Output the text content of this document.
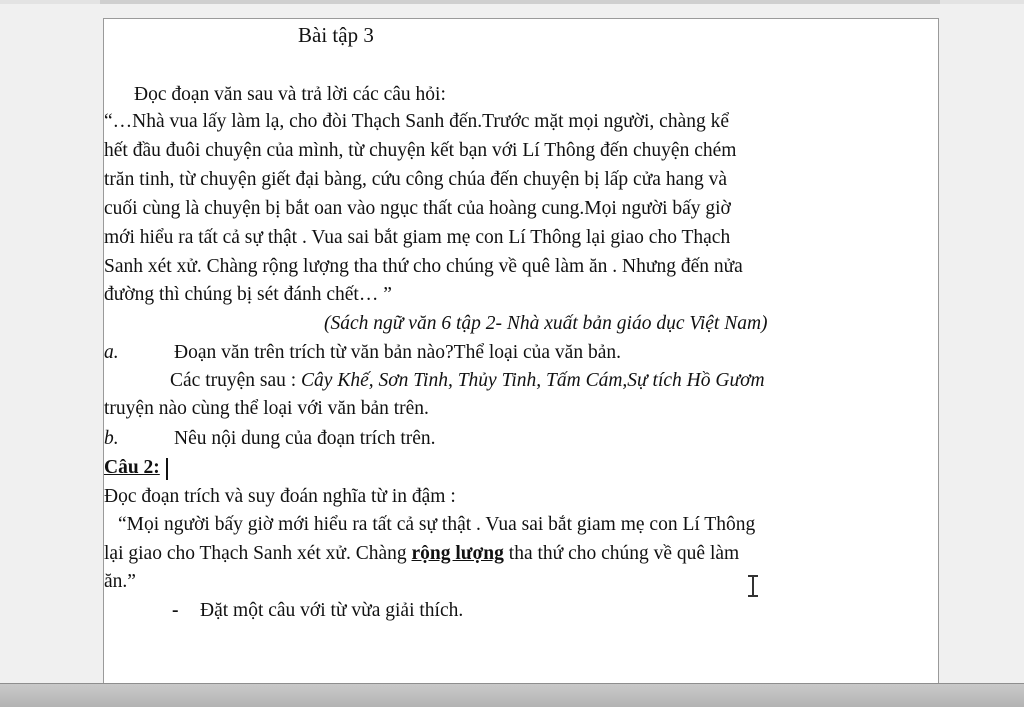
Bài tập 3
Đọc đoạn văn sau và trả lời các câu hỏi:
“…Nhà vua lấy làm lạ, cho đòi Thạch Sanh đến.Trước mặt mọi người, chàng kể
hết đầu đuôi chuyện của mình, từ chuyện kết bạn với Lí Thông đến chuyện chém
trăn tinh, từ chuyện giết đại bàng, cứu công chúa đến chuyện bị lấp cửa hang và
cuối cùng là chuyện bị bắt oan vào ngục thất của hoàng cung.Mọi người bấy giờ
mới hiểu ra tất cả sự thật . Vua sai bắt giam mẹ con Lí Thông lại giao cho Thạch
Sanh xét xử. Chàng rộng lượng tha thứ cho chúng về quê làm ăn . Nhưng đến nửa
đường thì chúng bị sét đánh chết… ”
(Sách ngữ văn 6 tập 2- Nhà xuất bản giáo dục Việt Nam)
a.	Đoạn văn trên trích từ văn bản nào?Thể loại của văn bản.
Các truyện sau : Cây Khế, Sơn Tinh, Thủy Tinh, Tấm Cám,Sự tích Hồ Gươm
truyện nào cùng thể loại với văn bản trên.
b.	Nêu nội dung của đoạn trích trên.
Câu 2:
Đọc đoạn trích và suy đoán nghĩa từ in đậm :
“Mọi người bấy giờ mới hiểu ra tất cả sự thật . Vua sai bắt giam mẹ con Lí Thông
lại giao cho Thạch Sanh xét xử. Chàng rộng lượng tha thứ cho chúng về quê làm
ăn.”
- Đặt một câu với từ vừa giải thích.
